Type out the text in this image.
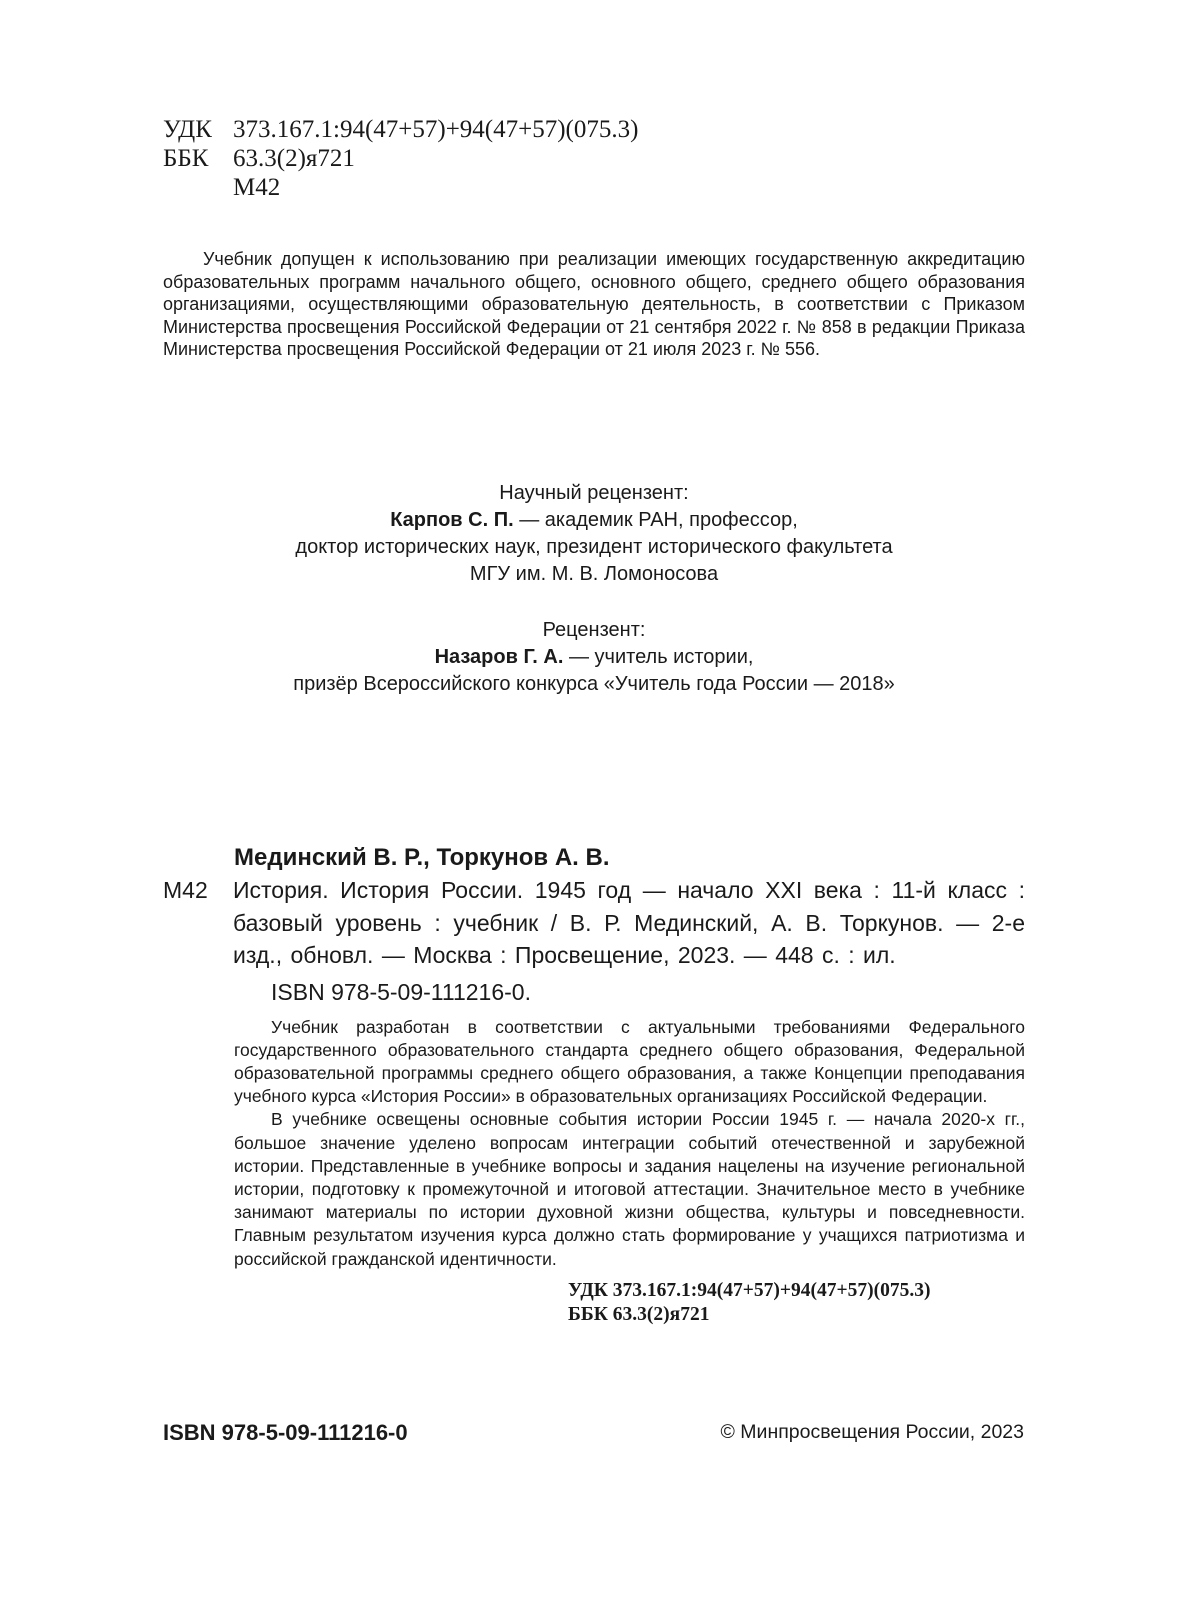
УДК 373.167.1:94(47+57)+94(47+57)(075.3)
ББК 63.3(2)я721
М42

Учебник допущен к использованию при реализации имеющих государственную аккредитацию образовательных программ начального общего, основного общего, среднего общего образования организациями, осуществляющими образовательную деятельность, в соответствии с Приказом Министерства просвещения Российской Федерации от 21 сентября 2022 г. № 858 в редакции Приказа Министерства просвещения Российской Федерации от 21 июля 2023 г. № 556.

Научный рецензент:
Карпов С. П. — академик РАН, профессор,
доктор исторических наук, президент исторического факультета
МГУ им. М. В. Ломоносова
Рецензент:
Назаров Г. А. — учитель истории,
призёр Всероссийского конкурса «Учитель года России — 2018»
Мединский В. Р., Торкунов А. В.
М42	История. История России. 1945 год — начало XXI века : 11-й класс : базовый уровень : учебник / В. Р. Мединский, А. В. Торкунов. — 2-е изд., обновл. — Москва : Просвещение, 2023. — 448 с. : ил.
ISBN 978-5-09-111216-0.

Учебник разработан в соответствии с актуальными требованиями Федерального государственного образовательного стандарта среднего общего образования, Федеральной образовательной программы среднего общего образования, а также Концепции преподавания учебного курса «История России» в образовательных организациях Российской Федерации.

В учебнике освещены основные события истории России 1945 г. — начала 2020-х гг., большое значение уделено вопросам интеграции событий отечественной и зарубежной истории. Представленные в учебнике вопросы и задания нацелены на изучение региональной истории, подготовку к промежуточной и итоговой аттестации. Значительное место в учебнике занимают материалы по истории духовной жизни общества, культуры и повседневности. Главным результатом изучения курса должно стать формирование у учащихся патриотизма и российской гражданской идентичности.

УДК 373.167.1:94(47+57)+94(47+57)(075.3)
ББК 63.3(2)я721
ISBN 978-5-09-111216-0	© Минпросвещения России, 2023
